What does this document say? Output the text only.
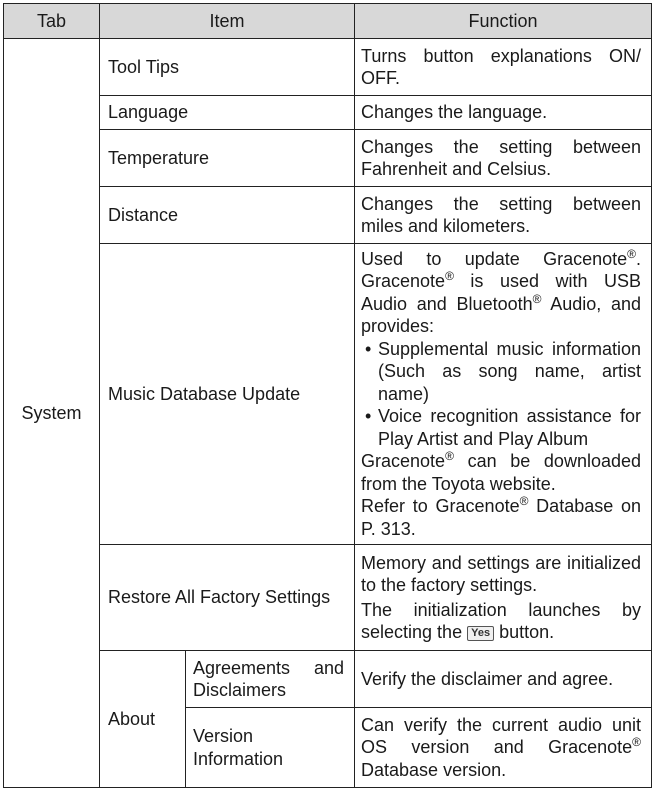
Tab	Item		Function
System	Tool Tips		Turns button explanations ON/ OFF.
	Language		Changes the language.
	Temperature		Changes the setting between Fahrenheit and Celsius.
	Distance		Changes the setting between miles and kilometers.
	Music Database Update		Used to update Gracenote®. Gracenote® is used with USB Audio and Bluetooth® Audio, and provides:
• Supplemental music information (Such as song name, artist name)
• Voice recognition assistance for Play Artist and Play Album
Gracenote® can be downloaded from the Toyota website.
Refer to Gracenote® Database on P. 313.

	Restore All Factory Settings		Memory and settings are initialized to the factory settings.
The initialization launches by selecting the Yes button.

	About	Agreements and Disclaimers	Verify the disclaimer and agree.
		Version Information	Can verify the current audio unit OS version and Gracenote® Database version.
